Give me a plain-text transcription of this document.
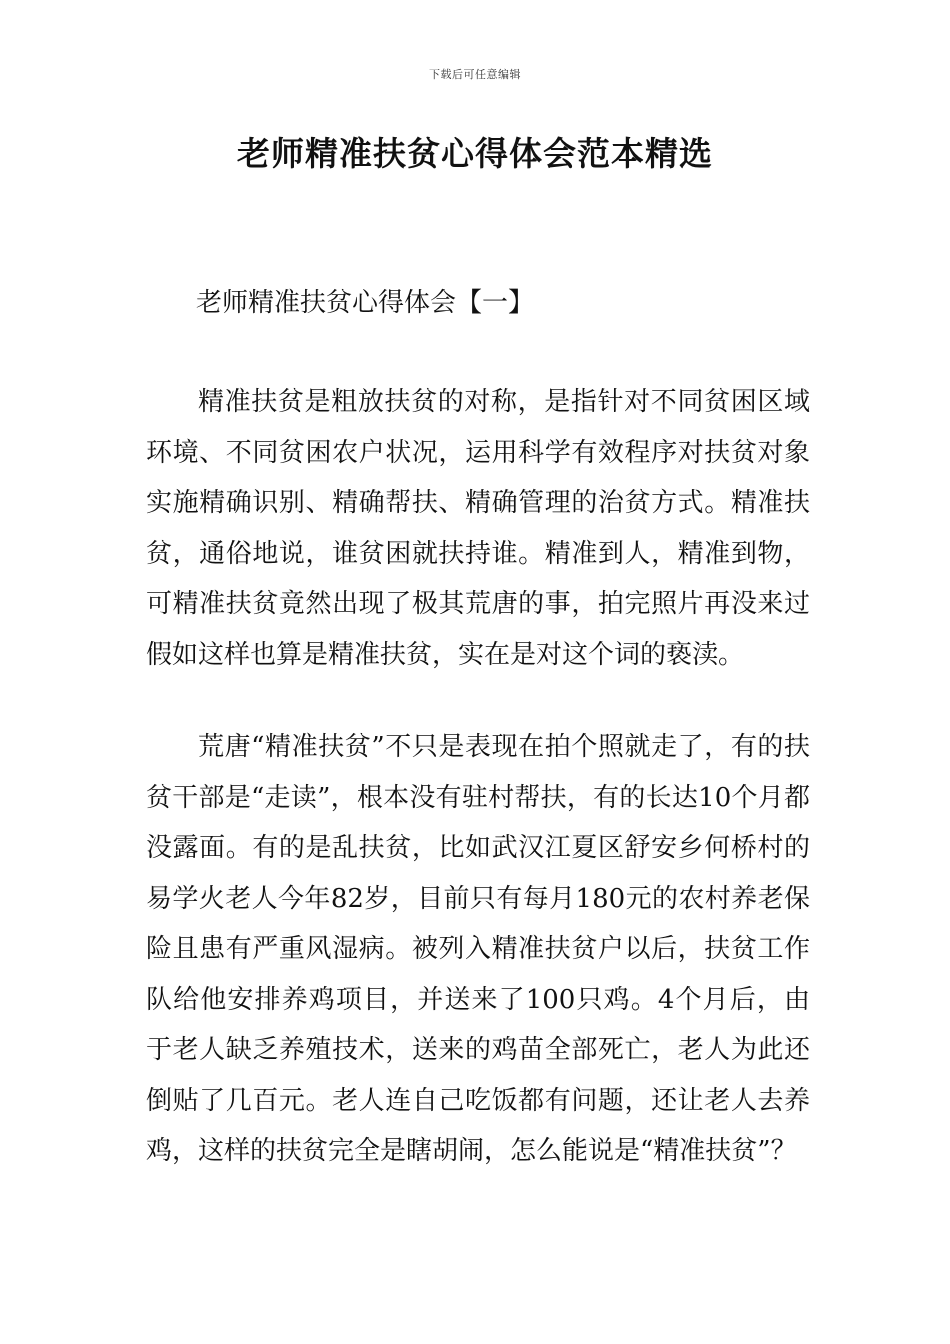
下载后可任意编辑
老师精准扶贫心得体会范本精选
老师精准扶贫心得体会【一】

精准扶贫是粗放扶贫的对称，是指针对不同贫困区域环境、不同贫困农户状况，运用科学有效程序对扶贫对象实施精确识别、精确帮扶、精确管理的治贫方式。精准扶贫，通俗地说，谁贫困就扶持谁。精准到人，精准到物，可精准扶贫竟然出现了极其荒唐的事，拍完照片再没来过假如这样也算是精准扶贫，实在是对这个词的亵渎。

荒唐“精准扶贫”不只是表现在拍个照就走了，有的扶贫干部是“走读”，根本没有驻村帮扶，有的长达10个月都没露面。有的是乱扶贫，比如武汉江夏区舒安乡何桥村的易学火老人今年82岁，目前只有每月180元的农村养老保险且患有严重风湿病。被列入精准扶贫户以后，扶贫工作队给他安排养鸡项目，并送来了100只鸡。4个月后，由于老人缺乏养殖技术，送来的鸡苗全部死亡，老人为此还倒贴了几百元。老人连自己吃饭都有问题，还让老人去养鸡，这样的扶贫完全是瞎胡闹，怎么能说是“精准扶贫”？
